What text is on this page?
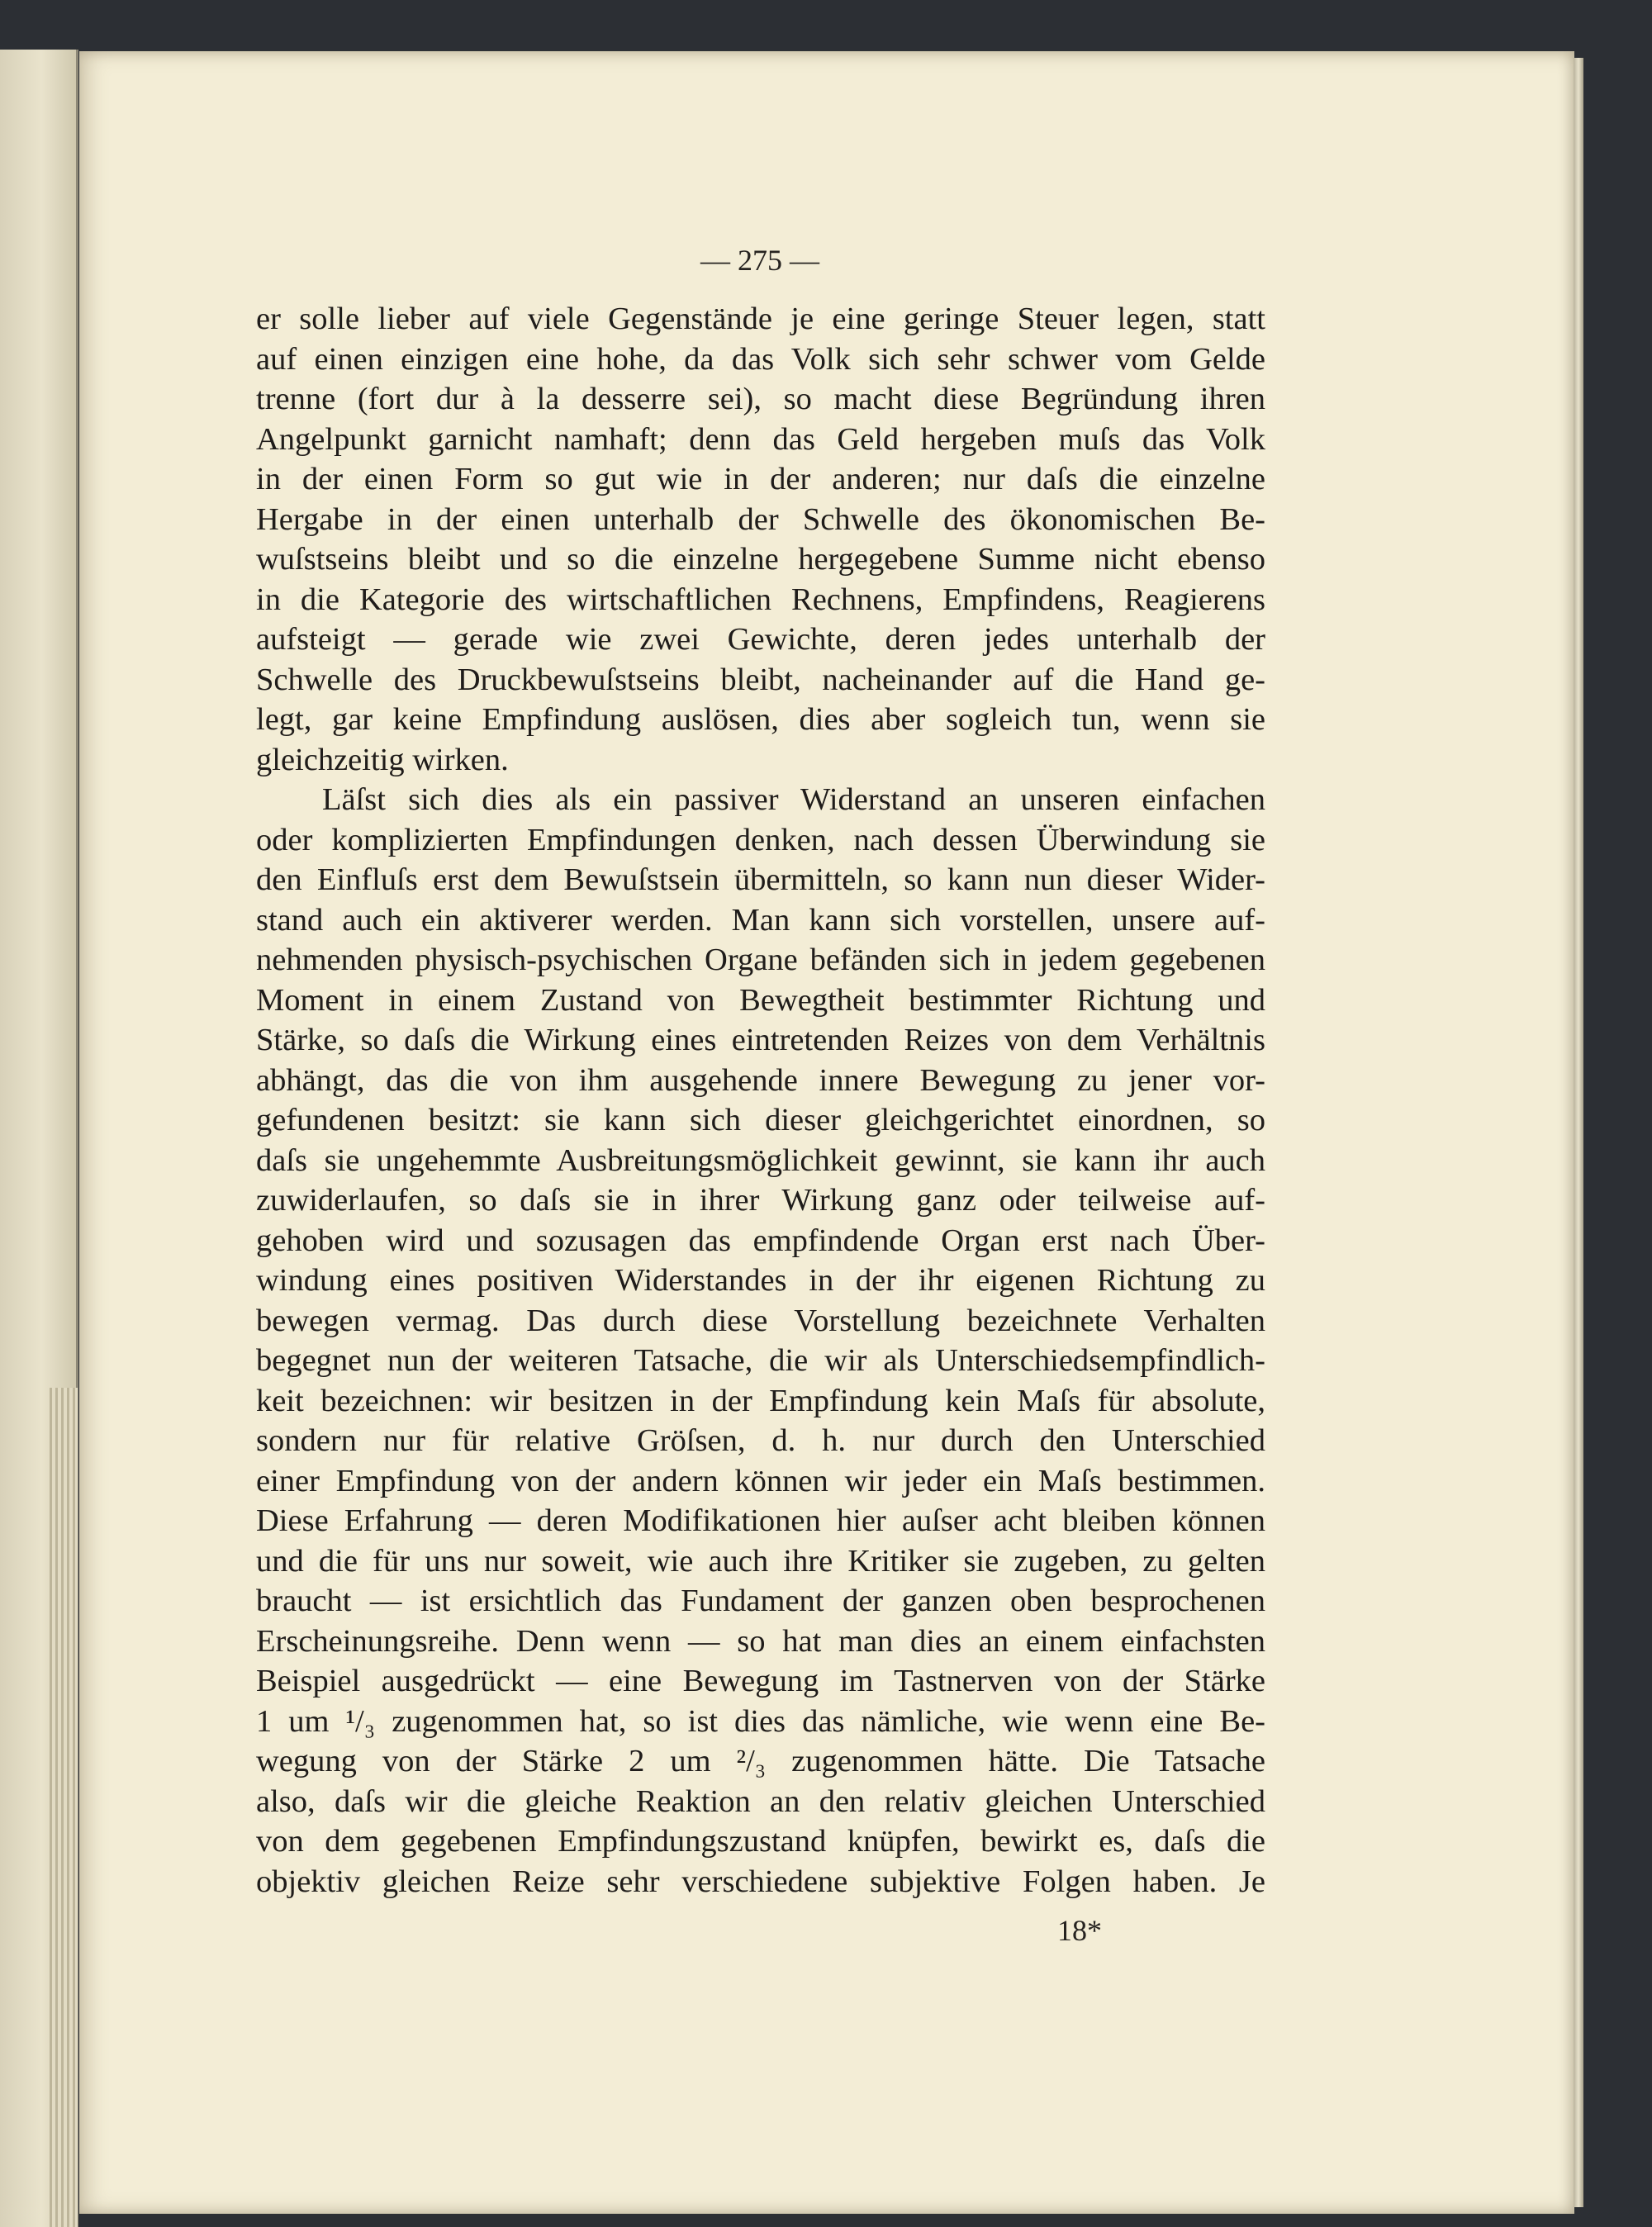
— 275 —
er solle lieber auf viele Gegenstände je eine geringe Steuer legen, statt
auf einen einzigen eine hohe, da das Volk sich sehr schwer vom Gelde
trenne (fort dur à la desserre sei), so macht diese Begründung ihren
Angelpunkt garnicht namhaft; denn das Geld hergeben muſs das Volk
in der einen Form so gut wie in der anderen; nur daſs die einzelne
Hergabe in der einen unterhalb der Schwelle des ökonomischen Be-
wuſstseins bleibt und so die einzelne hergegebene Summe nicht ebenso
in die Kategorie des wirtschaftlichen Rechnens, Empfindens, Reagierens
aufsteigt — gerade wie zwei Gewichte, deren jedes unterhalb der
Schwelle des Druckbewuſstseins bleibt, nacheinander auf die Hand ge-
legt, gar keine Empfindung auslösen, dies aber sogleich tun, wenn sie
gleichzeitig wirken.
Läſst sich dies als ein passiver Widerstand an unseren einfachen
oder komplizierten Empfindungen denken, nach dessen Überwindung sie
den Einfluſs erst dem Bewuſstsein übermitteln, so kann nun dieser Wider-
stand auch ein aktiverer werden. Man kann sich vorstellen, unsere auf-
nehmenden physisch-psychischen Organe befänden sich in jedem gegebenen
Moment in einem Zustand von Bewegtheit bestimmter Richtung und
Stärke, so daſs die Wirkung eines eintretenden Reizes von dem Verhältnis
abhängt, das die von ihm ausgehende innere Bewegung zu jener vor-
gefundenen besitzt: sie kann sich dieser gleichgerichtet einordnen, so
daſs sie ungehemmte Ausbreitungsmöglichkeit gewinnt, sie kann ihr auch
zuwiderlaufen, so daſs sie in ihrer Wirkung ganz oder teilweise auf-
gehoben wird und sozusagen das empfindende Organ erst nach Über-
windung eines positiven Widerstandes in der ihr eigenen Richtung zu
bewegen vermag. Das durch diese Vorstellung bezeichnete Verhalten
begegnet nun der weiteren Tatsache, die wir als Unterschiedsempfindlich-
keit bezeichnen: wir besitzen in der Empfindung kein Maſs für absolute,
sondern nur für relative Gröſsen, d. h. nur durch den Unterschied
einer Empfindung von der andern können wir jeder ein Maſs bestimmen.
Diese Erfahrung — deren Modifikationen hier auſser acht bleiben können
und die für uns nur soweit, wie auch ihre Kritiker sie zugeben, zu gelten
braucht — ist ersichtlich das Fundament der ganzen oben besprochenen
Erscheinungsreihe. Denn wenn — so hat man dies an einem einfachsten
Beispiel ausgedrückt — eine Bewegung im Tastnerven von der Stärke
1 um ¹/₃ zugenommen hat, so ist dies das nämliche, wie wenn eine Be-
wegung von der Stärke 2 um ²/₃ zugenommen hätte. Die Tatsache
also, daſs wir die gleiche Reaktion an den relativ gleichen Unterschied
von dem gegebenen Empfindungszustand knüpfen, bewirkt es, daſs die
objektiv gleichen Reize sehr verschiedene subjektive Folgen haben. Je
18*
